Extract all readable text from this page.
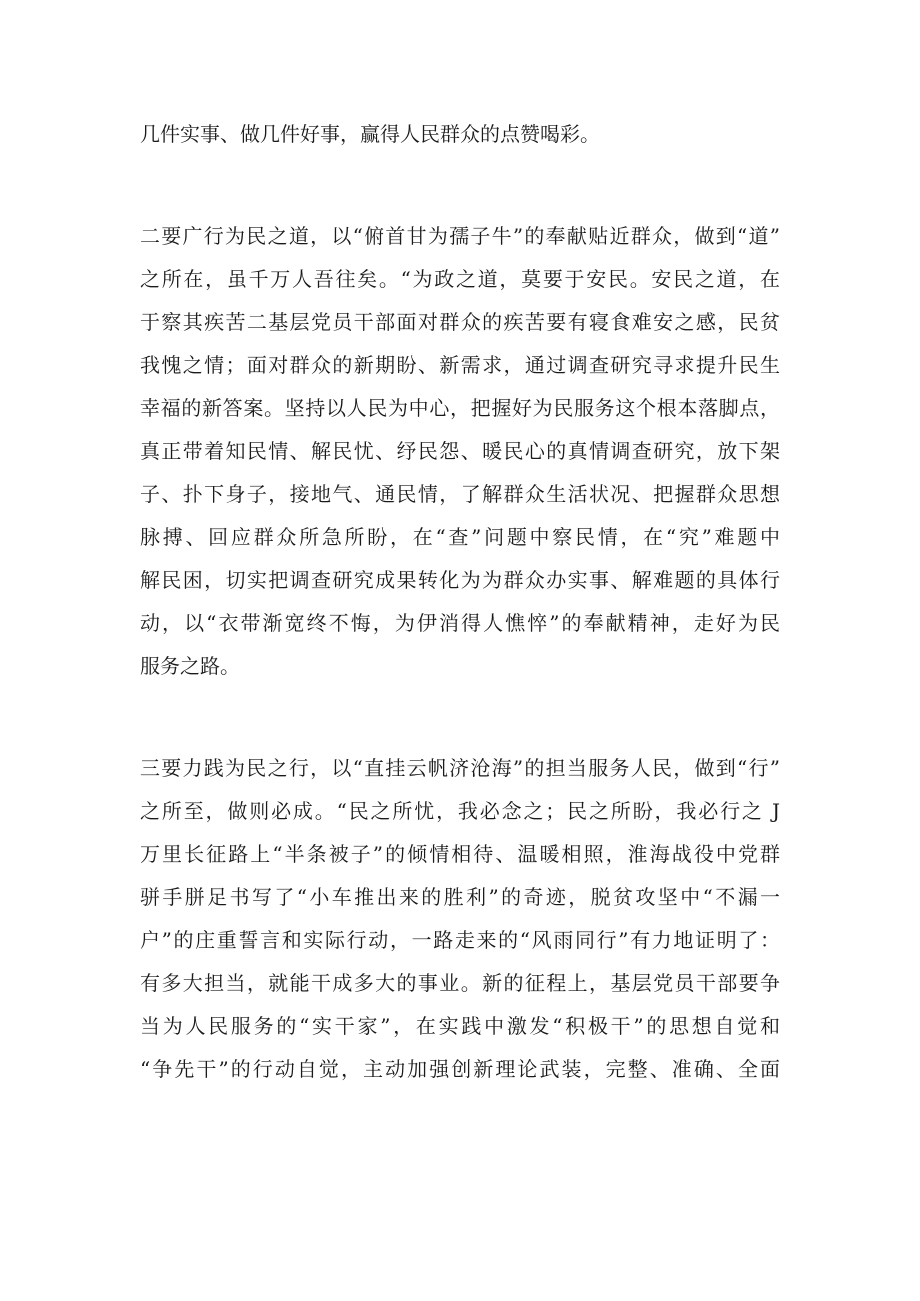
几件实事、做几件好事，赢得人民群众的点赞喝彩。
二要广行为民之道，以“俯首甘为孺子牛”的奉献贴近群众，做到“道”
之所在，虽千万人吾往矣。“为政之道，莫要于安民。安民之道，在
于察其疾苦二基层党员干部面对群众的疾苦要有寝食难安之感，民贫
我愧之情；面对群众的新期盼、新需求，通过调查研究寻求提升民生
幸福的新答案。坚持以人民为中心，把握好为民服务这个根本落脚点，
真正带着知民情、解民忧、纾民怨、暖民心的真情调查研究，放下架
子、扑下身子，接地气、通民情，了解群众生活状况、把握群众思想
脉搏、回应群众所急所盼，在“查”问题中察民情，在“究”难题中
解民困，切实把调查研究成果转化为为群众办实事、解难题的具体行
动，以“衣带渐宽终不悔，为伊消得人憔悴”的奉献精神，走好为民
服务之路。
三要力践为民之行，以“直挂云帆济沧海”的担当服务人民，做到“行”
之所至，做则必成。“民之所忧，我必念之；民之所盼，我必行之 J
万里长征路上“半条被子”的倾情相待、温暖相照，淮海战役中党群
骈手胼足书写了“小车推出来的胜利”的奇迹，脱贫攻坚中“不漏一
户”的庄重誓言和实际行动，一路走来的“风雨同行”有力地证明了：
有多大担当，就能干成多大的事业。新的征程上，基层党员干部要争
当为人民服务的“实干家”，在实践中激发“积极干”的思想自觉和
“争先干”的行动自觉，主动加强创新理论武装，完整、准确、全面
